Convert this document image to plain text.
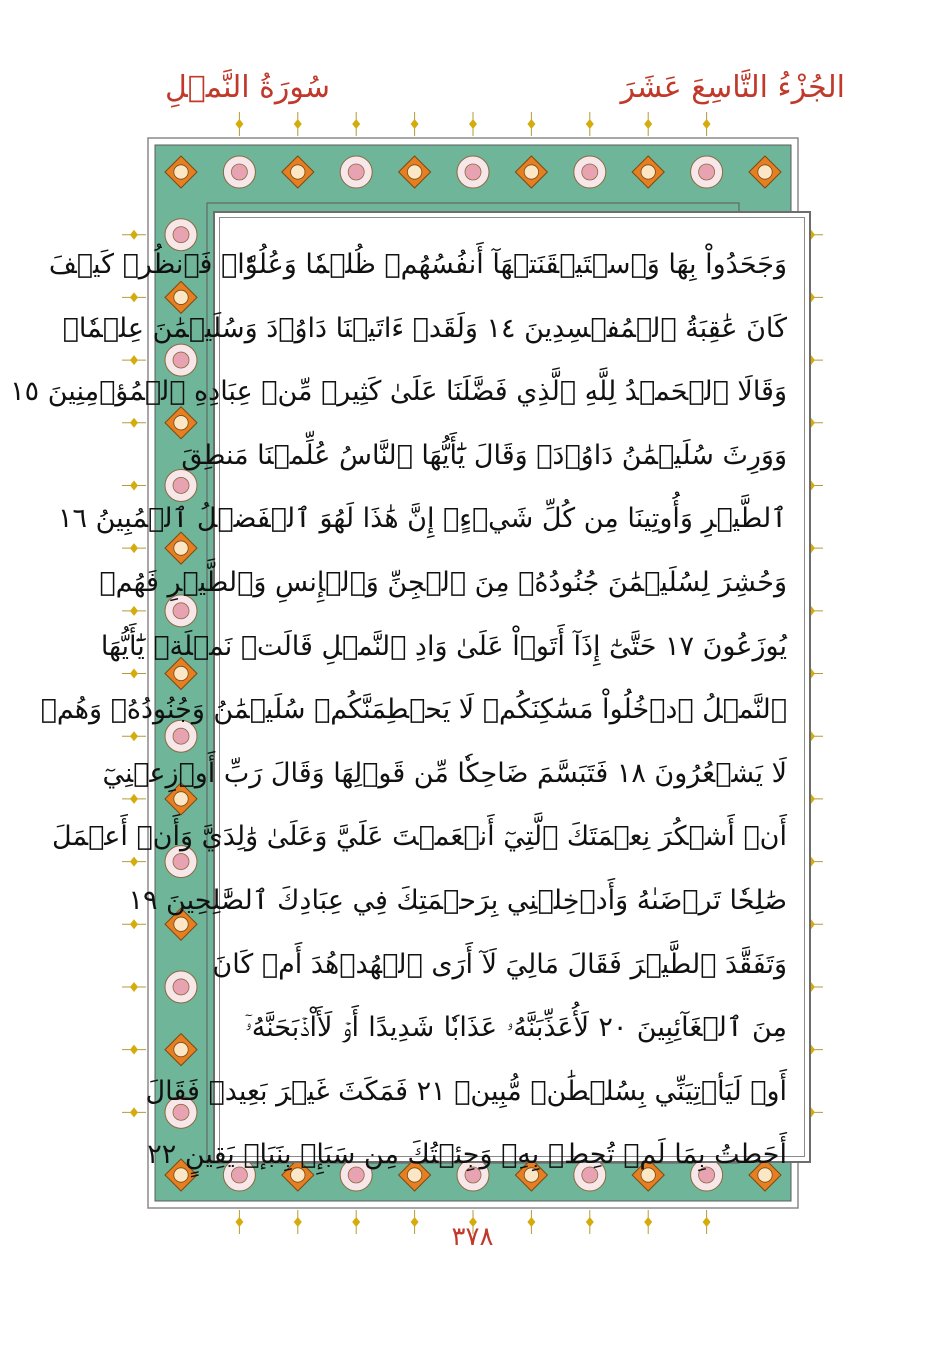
الجُزْءُ التَّاسِعَ عَشَرَ
سُورَةُ النَّمۡلِ
وَجَحَدُواْ بِهَا وَٱسۡتَيۡقَنَتۡهَآ أَنفُسُهُمۡ ظُلۡمٗا وَعُلُوّٗاۚ فَٱنظُرۡ كَيۡفَ
كَانَ عَٰقِبَةُ ٱلۡمُفۡسِدِينَ ١٤ وَلَقَدۡ ءَاتَيۡنَا دَاوُۥدَ وَسُلَيۡمَٰنَ عِلۡمٗاۖ
وَقَالَا ٱلۡحَمۡدُ لِلَّهِ ٱلَّذِي فَضَّلَنَا عَلَىٰ كَثِيرٖ مِّنۡ عِبَادِهِ ٱلۡمُؤۡمِنِينَ ١٥
وَوَرِثَ سُلَيۡمَٰنُ دَاوُۥدَۖ وَقَالَ يَٰٓأَيُّهَا ٱلنَّاسُ عُلِّمۡنَا مَنطِقَ
ٱلطَّيۡرِ وَأُوتِينَا مِن كُلِّ شَيۡءٍۖ إِنَّ هَٰذَا لَهُوَ ٱلۡفَضۡلُ ٱلۡمُبِينُ ١٦
وَحُشِرَ لِسُلَيۡمَٰنَ جُنُودُهُۥ مِنَ ٱلۡجِنِّ وَٱلۡإِنسِ وَٱلطَّيۡرِ فَهُمۡ
يُوزَعُونَ ١٧ حَتَّىٰٓ إِذَآ أَتَوۡاْ عَلَىٰ وَادِ ٱلنَّمۡلِ قَالَتۡ نَمۡلَةٞ يَٰٓأَيُّهَا
ٱلنَّمۡلُ ٱدۡخُلُواْ مَسَٰكِنَكُمۡ لَا يَحۡطِمَنَّكُمۡ سُلَيۡمَٰنُ وَجُنُودُهُۥ وَهُمۡ
لَا يَشۡعُرُونَ ١٨ فَتَبَسَّمَ ضَاحِكٗا مِّن قَوۡلِهَا وَقَالَ رَبِّ أَوۡزِعۡنِيٓ
أَنۡ أَشۡكُرَ نِعۡمَتَكَ ٱلَّتِيٓ أَنۡعَمۡتَ عَلَيَّ وَعَلَىٰ وَٰلِدَيَّ وَأَنۡ أَعۡمَلَ
صَٰلِحٗا تَرۡضَىٰهُ وَأَدۡخِلۡنِي بِرَحۡمَتِكَ فِي عِبَادِكَ ٱلصَّٰلِحِينَ ١٩
وَتَفَقَّدَ ٱلطَّيۡرَ فَقَالَ مَالِيَ لَآ أَرَى ٱلۡهُدۡهُدَ أَمۡ كَانَ
مِنَ ٱلۡغَآئِبِينَ ٢٠ لَأُعَذِّبَنَّهُۥ عَذَابٗا شَدِيدًا أَوۡ لَأَاْذۡبَحَنَّهُۥٓ
أَوۡ لَيَأۡتِيَنِّي بِسُلۡطَٰنٖ مُّبِينٖ ٢١ فَمَكَثَ غَيۡرَ بَعِيدٖ فَقَالَ
أَحَطتُ بِمَا لَمۡ تُحِطۡ بِهِۦ وَجِئۡتُكَ مِن سَبَإِۭ بِنَبَإٖ يَقِينٍ ٢٢
٣٧٨
